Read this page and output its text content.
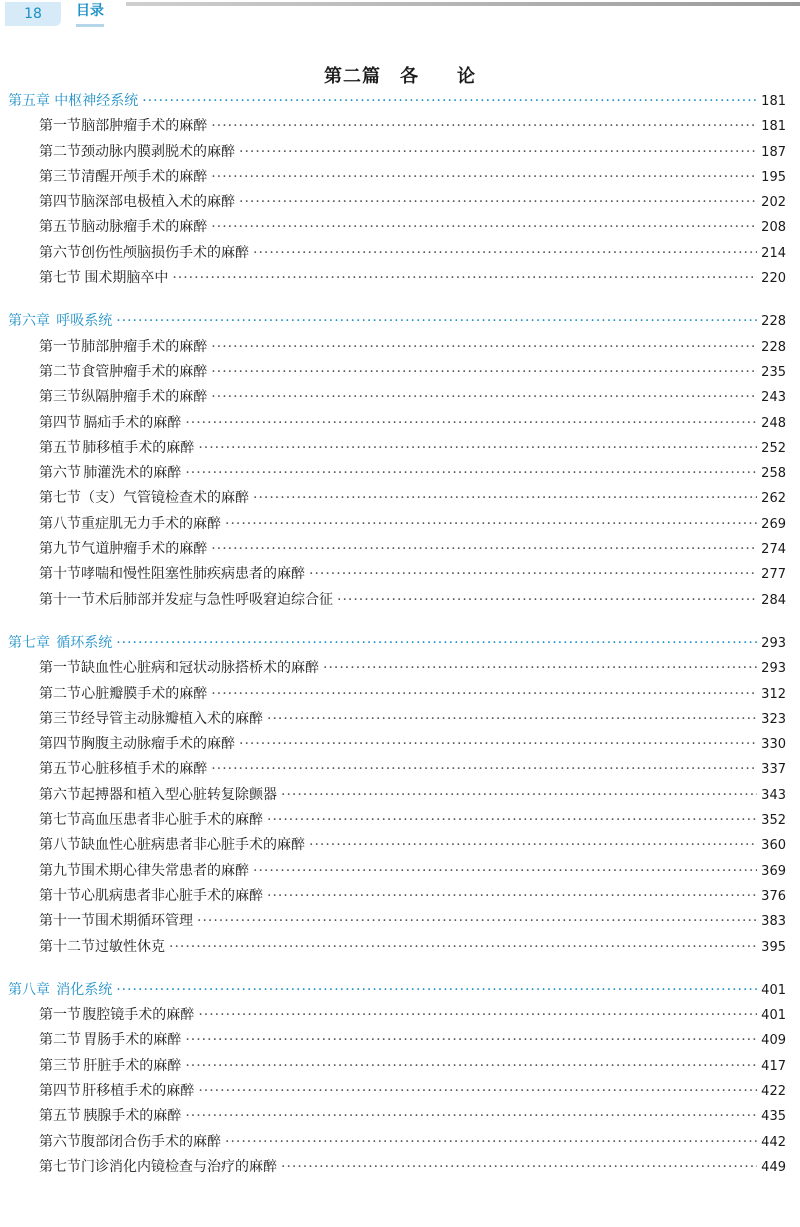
18	目录
第二篇　各　　论
第五章 中枢神经系统 ·····	181
第一节 脑部肿瘤手术的麻醉 ·····	181
第二节 颈动脉内膜剥脱术的麻醉 ·····	187
第三节 清醒开颅手术的麻醉 ·····	195
第四节 脑深部电极植入术的麻醉 ·····	202
第五节 脑动脉瘤手术的麻醉 ·····	208
第六节 创伤性颅脑损伤手术的麻醉 ·····	214
第七节 围术期脑卒中 ·····	220
第六章 呼吸系统 ·····	228
第一节 肺部肿瘤手术的麻醉 ·····	228
第二节 食管肿瘤手术的麻醉 ·····	235
第三节 纵隔肿瘤手术的麻醉 ·····	243
第四节 膈疝手术的麻醉 ·····	248
第五节 肺移植手术的麻醉 ·····	252
第六节 肺灌洗术的麻醉 ·····	258
第七节 （支）气管镜检查术的麻醉 ·····	262
第八节 重症肌无力手术的麻醉 ·····	269
第九节 气道肿瘤手术的麻醉 ·····	274
第十节 哮喘和慢性阻塞性肺疾病患者的麻醉 ·····	277
第十一节 术后肺部并发症与急性呼吸窘迫综合征 ·····	284
第七章 循环系统 ·····	293
第一节 缺血性心脏病和冠状动脉搭桥术的麻醉 ·····	293
第二节 心脏瓣膜手术的麻醉 ·····	312
第三节 经导管主动脉瓣植入术的麻醉 ·····	323
第四节 胸腹主动脉瘤手术的麻醉 ·····	330
第五节 心脏移植手术的麻醉 ·····	337
第六节 起搏器和植入型心脏转复除颤器 ·····	343
第七节 高血压患者非心脏手术的麻醉 ·····	352
第八节 缺血性心脏病患者非心脏手术的麻醉 ·····	360
第九节 围术期心律失常患者的麻醉 ·····	369
第十节 心肌病患者非心脏手术的麻醉 ·····	376
第十一节 围术期循环管理 ·····	383
第十二节 过敏性休克 ·····	395
第八章 消化系统 ·····	401
第一节 腹腔镜手术的麻醉 ·····	401
第二节 胃肠手术的麻醉 ·····	409
第三节 肝脏手术的麻醉 ·····	417
第四节 肝移植手术的麻醉 ·····	422
第五节 胰腺手术的麻醉 ·····	435
第六节 腹部闭合伤手术的麻醉 ·····	442
第七节 门诊消化内镜检查与治疗的麻醉 ·····	449
